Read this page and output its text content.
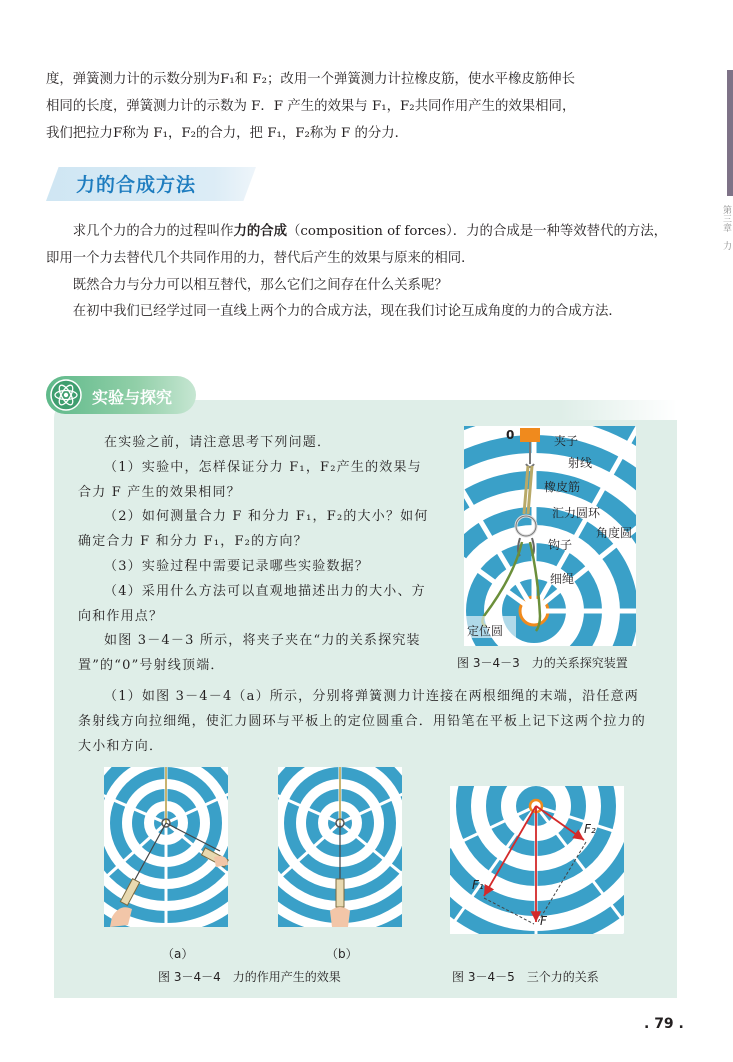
第三章　力
度，弹簧测力计的示数分别为F₁和 F₂；改用一个弹簧测力计拉橡皮筋，使水平橡皮筋伸长
相同的长度，弹簧测力计的示数为 F．F 产生的效果与 F₁，F₂共同作用产生的效果相同，
我们把拉力F称为 F₁，F₂的合力，把 F₁，F₂称为 F 的分力．
力的合成方法
求几个力的合力的过程叫作力的合成（composition of forces）．力的合成是一种等效替代的方法，即用一个力去替代几个共同作用的力，替代后产生的效果与原来的相同．
既然合力与分力可以相互替代，那么它们之间存在什么关系呢？
在初中我们已经学过同一直线上两个力的合成方法，现在我们讨论互成角度的力的合成方法．
实验与探究
在实验之前，请注意思考下列问题．
（1）实验中，怎样保证分力 F₁，F₂产生的效果与合力 F 产生的效果相同？
（2）如何测量合力 F 和分力 F₁，F₂的大小？如何确定合力 F 和分力 F₁，F₂的方向？
（3）实验过程中需要记录哪些实验数据？
（4）采用什么方法可以直观地描述出力的大小、方向和作用点？
如图 3－4－3 所示，将夹子夹在“力的关系探究装置”的“0”号射线顶端．
（1）如图 3－4－4（a）所示，分别将弹簧测力计连接在两根细绳的末端，沿任意两条射线方向拉细绳，使汇力圆环与平板上的定位圆重合．用铅笔在平板上记下这两个拉力的大小和方向．
0	夹子
射线
橡皮筋
汇力圆环
角度圆
钩子
细绳
定位圆
图 3－4－3　力的关系探究装置
（a）	（b）
图 3－4－4　力的作用产生的效果
F₁
F₂
F
图 3－4－5　三个力的关系
. 79 .
